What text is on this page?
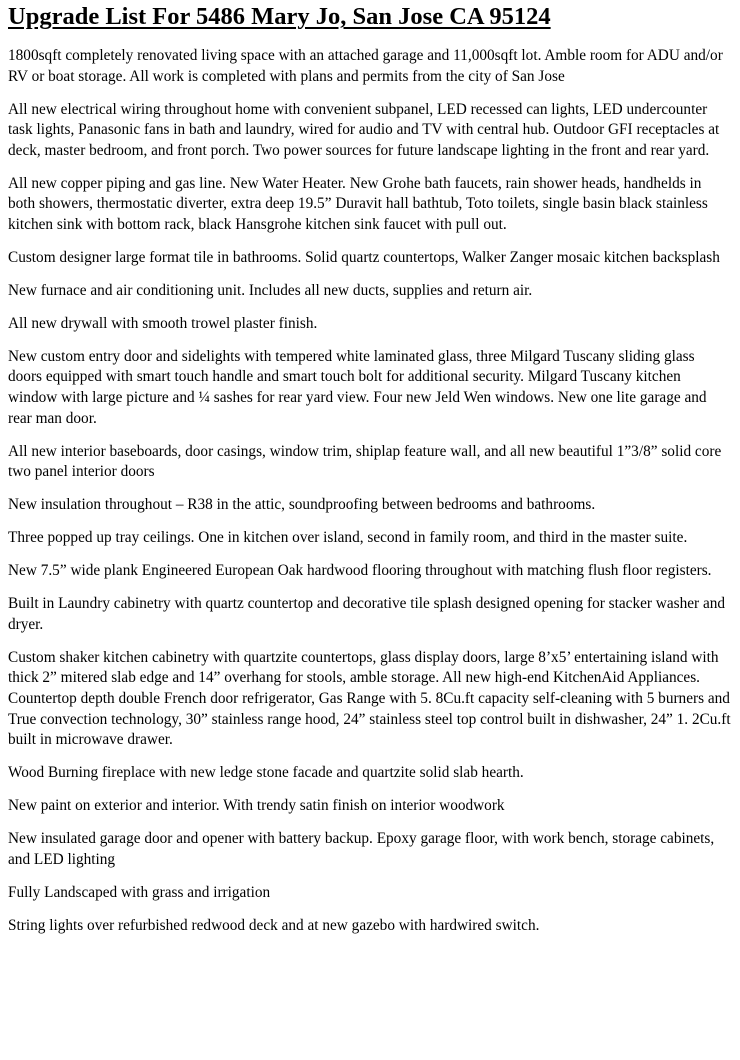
Upgrade List For 5486 Mary Jo, San Jose CA 95124

1800sqft completely renovated living space with an attached garage and 11,000sqft lot. Amble room for ADU and/or RV or boat storage. All work is completed with plans and permits from the city of San Jose

All new electrical wiring throughout home with convenient subpanel, LED recessed can lights, LED undercounter task lights, Panasonic fans in bath and laundry, wired for audio and TV with central hub. Outdoor GFI receptacles at deck, master bedroom, and front porch. Two power sources for future landscape lighting in the front and rear yard.

All new copper piping and gas line. New Water Heater. New Grohe bath faucets, rain shower heads, handhelds in both showers, thermostatic diverter, extra deep 19.5” Duravit hall bathtub, Toto toilets, single basin black stainless kitchen sink with bottom rack, black Hansgrohe kitchen sink faucet with pull out.

Custom designer large format tile in bathrooms. Solid quartz countertops, Walker Zanger mosaic kitchen backsplash

New furnace and air conditioning unit. Includes all new ducts, supplies and return air.

All new drywall with smooth trowel plaster finish.

New custom entry door and sidelights with tempered white laminated glass, three Milgard Tuscany sliding glass doors equipped with smart touch handle and smart touch bolt for additional security. Milgard Tuscany kitchen window with large picture and ¼ sashes for rear yard view. Four new Jeld Wen windows. New one lite garage and rear man door.

All new interior baseboards, door casings, window trim, shiplap feature wall, and all new beautiful 1”3/8” solid core two panel interior doors

New insulation throughout – R38 in the attic, soundproofing between bedrooms and bathrooms.

Three popped up tray ceilings. One in kitchen over island, second in family room, and third in the master suite.

New 7.5” wide plank Engineered European Oak hardwood flooring throughout with matching flush floor registers.

Built in Laundry cabinetry with quartz countertop and decorative tile splash designed opening for stacker washer and dryer.

Custom shaker kitchen cabinetry with quartzite countertops, glass display doors, large 8’x5’ entertaining island with thick 2” mitered slab edge and 14” overhang for stools, amble storage. All new high-end KitchenAid Appliances. Countertop depth double French door refrigerator, Gas Range with 5. 8Cu.ft capacity self-cleaning with 5 burners and True convection technology, 30” stainless range hood, 24” stainless steel top control built in dishwasher, 24” 1. 2Cu.ft built in microwave drawer.

Wood Burning fireplace with new ledge stone facade and quartzite solid slab hearth.

New paint on exterior and interior. With trendy satin finish on interior woodwork

New insulated garage door and opener with battery backup. Epoxy garage floor, with work bench, storage cabinets, and LED lighting

Fully Landscaped with grass and irrigation

String lights over refurbished redwood deck and at new gazebo with hardwired switch.
